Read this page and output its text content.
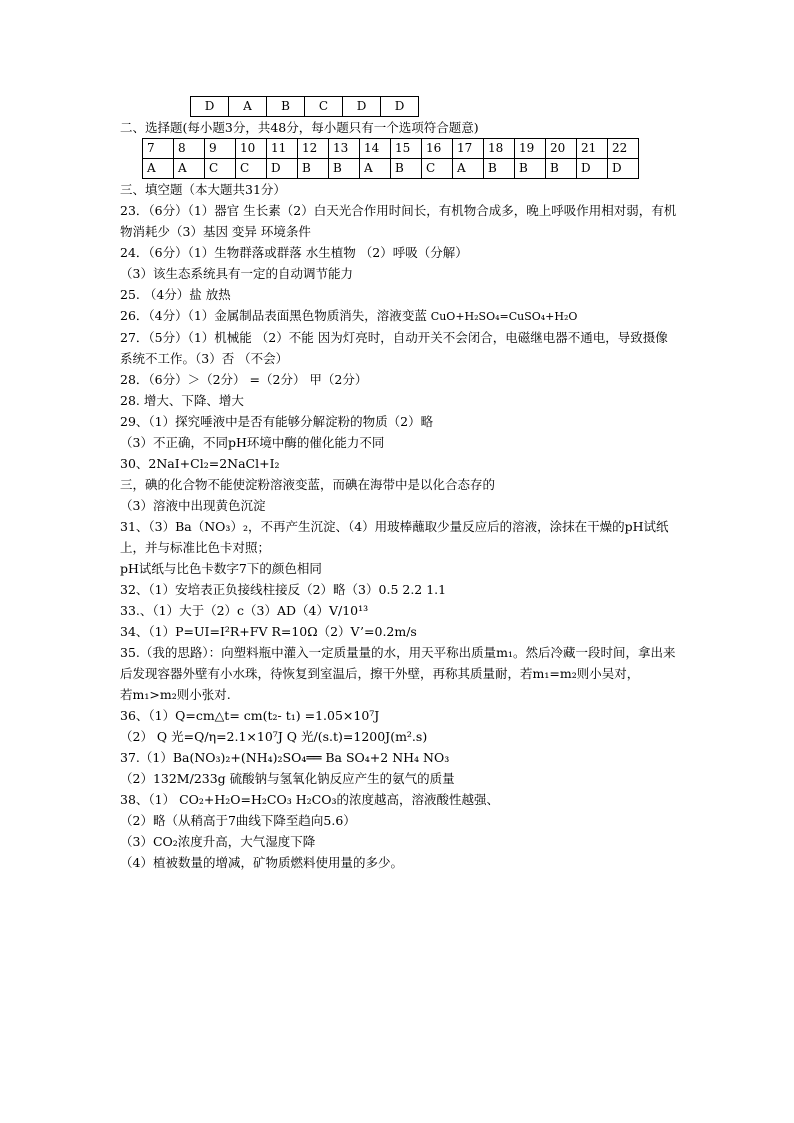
D	A	B	C	D	D
二、选择题(每小题3分，共48分，每小题只有一个选项符合题意)
7	8	9	10	11	12	13	14	15	16	17	18	19	20	21	22
A	A	C	C	D	B	B	A	B	C	A	B	B	B	D	D
三、填空题（本大题共31分）
23．（6分）（1）器官 生长素（2）白天光合作用时间长，有机物合成多，晚上呼吸作用相对弱，有机物消耗少（3）基因 变异 环境条件
24．（6分）（1）生物群落或群落 水生植物 （2）呼吸（分解）
（3）该生态系统具有一定的自动调节能力
25. （4分）盐 放热
26．（4分）（1）金属制品表面黑色物质消失，溶液变蓝 CuO+H₂SO₄=CuSO₄+H₂O
27．（5分）（1）机械能 （2）不能 因为灯亮时，自动开关不会闭合，电磁继电器不通电，导致摄像系统不工作。（3）否 （不会）
28．（6分）＞（2分） =（2分） 甲（2分）
28. 增大、下降、增大
29、（1）探究唾液中是否有能够分解淀粉的物质（2）略
（3）不正确，不同pH环境中酶的催化能力不同
30、2NaI+Cl₂=2NaCl+I₂
三，碘的化合物不能使淀粉溶液变蓝，而碘在海带中是以化合态存的
（3）溶液中出现黄色沉淀
31、（3）Ba（NO₃）₂，不再产生沉淀、（4）用玻棒蘸取少量反应后的溶液，涂抹在干燥的pH试纸上，并与标准比色卡对照；
pH试纸与比色卡数字7下的颜色相同
32、（1）安培表正负接线柱接反（2）略（3）0.5 2.2 1.1
33.、（1）大于（2）c（3）AD（4）V/10¹³
34、（1）P=UI=I²R+FV R=10Ω（2）V’=0.2m/s
35.（我的思路）：向塑料瓶中灌入一定质量量的水，用天平称出质量m₁。然后冷藏一段时间，拿出来后发现容器外壁有小水珠，待恢复到室温后，擦干外壁，再称其质量耐，若m₁=m₂则小吴对，
若m₁>m₂则小张对.
36、（1）Q=cm△t= cm(t₂- t₁) =1.05×10⁷J
（2） Q 光=Q/η=2.1×10⁷J Q 光/(s.t)=1200J(m².s)
37.（1）Ba(NO₃)₂+(NH₄)₂SO₄══ Ba SO₄+2 NH₄ NO₃
（2）132M/233g 硫酸钠与氢氧化钠反应产生的氨气的质量
38、（1） CO₂+H₂O=H₂CO₃ H₂CO₃的浓度越高，溶液酸性越强、
（2）略（从稍高于7曲线下降至趋向5.6）
（3）CO₂浓度升高，大气湿度下降
（4）植被数量的增减，矿物质燃料使用量的多少。
